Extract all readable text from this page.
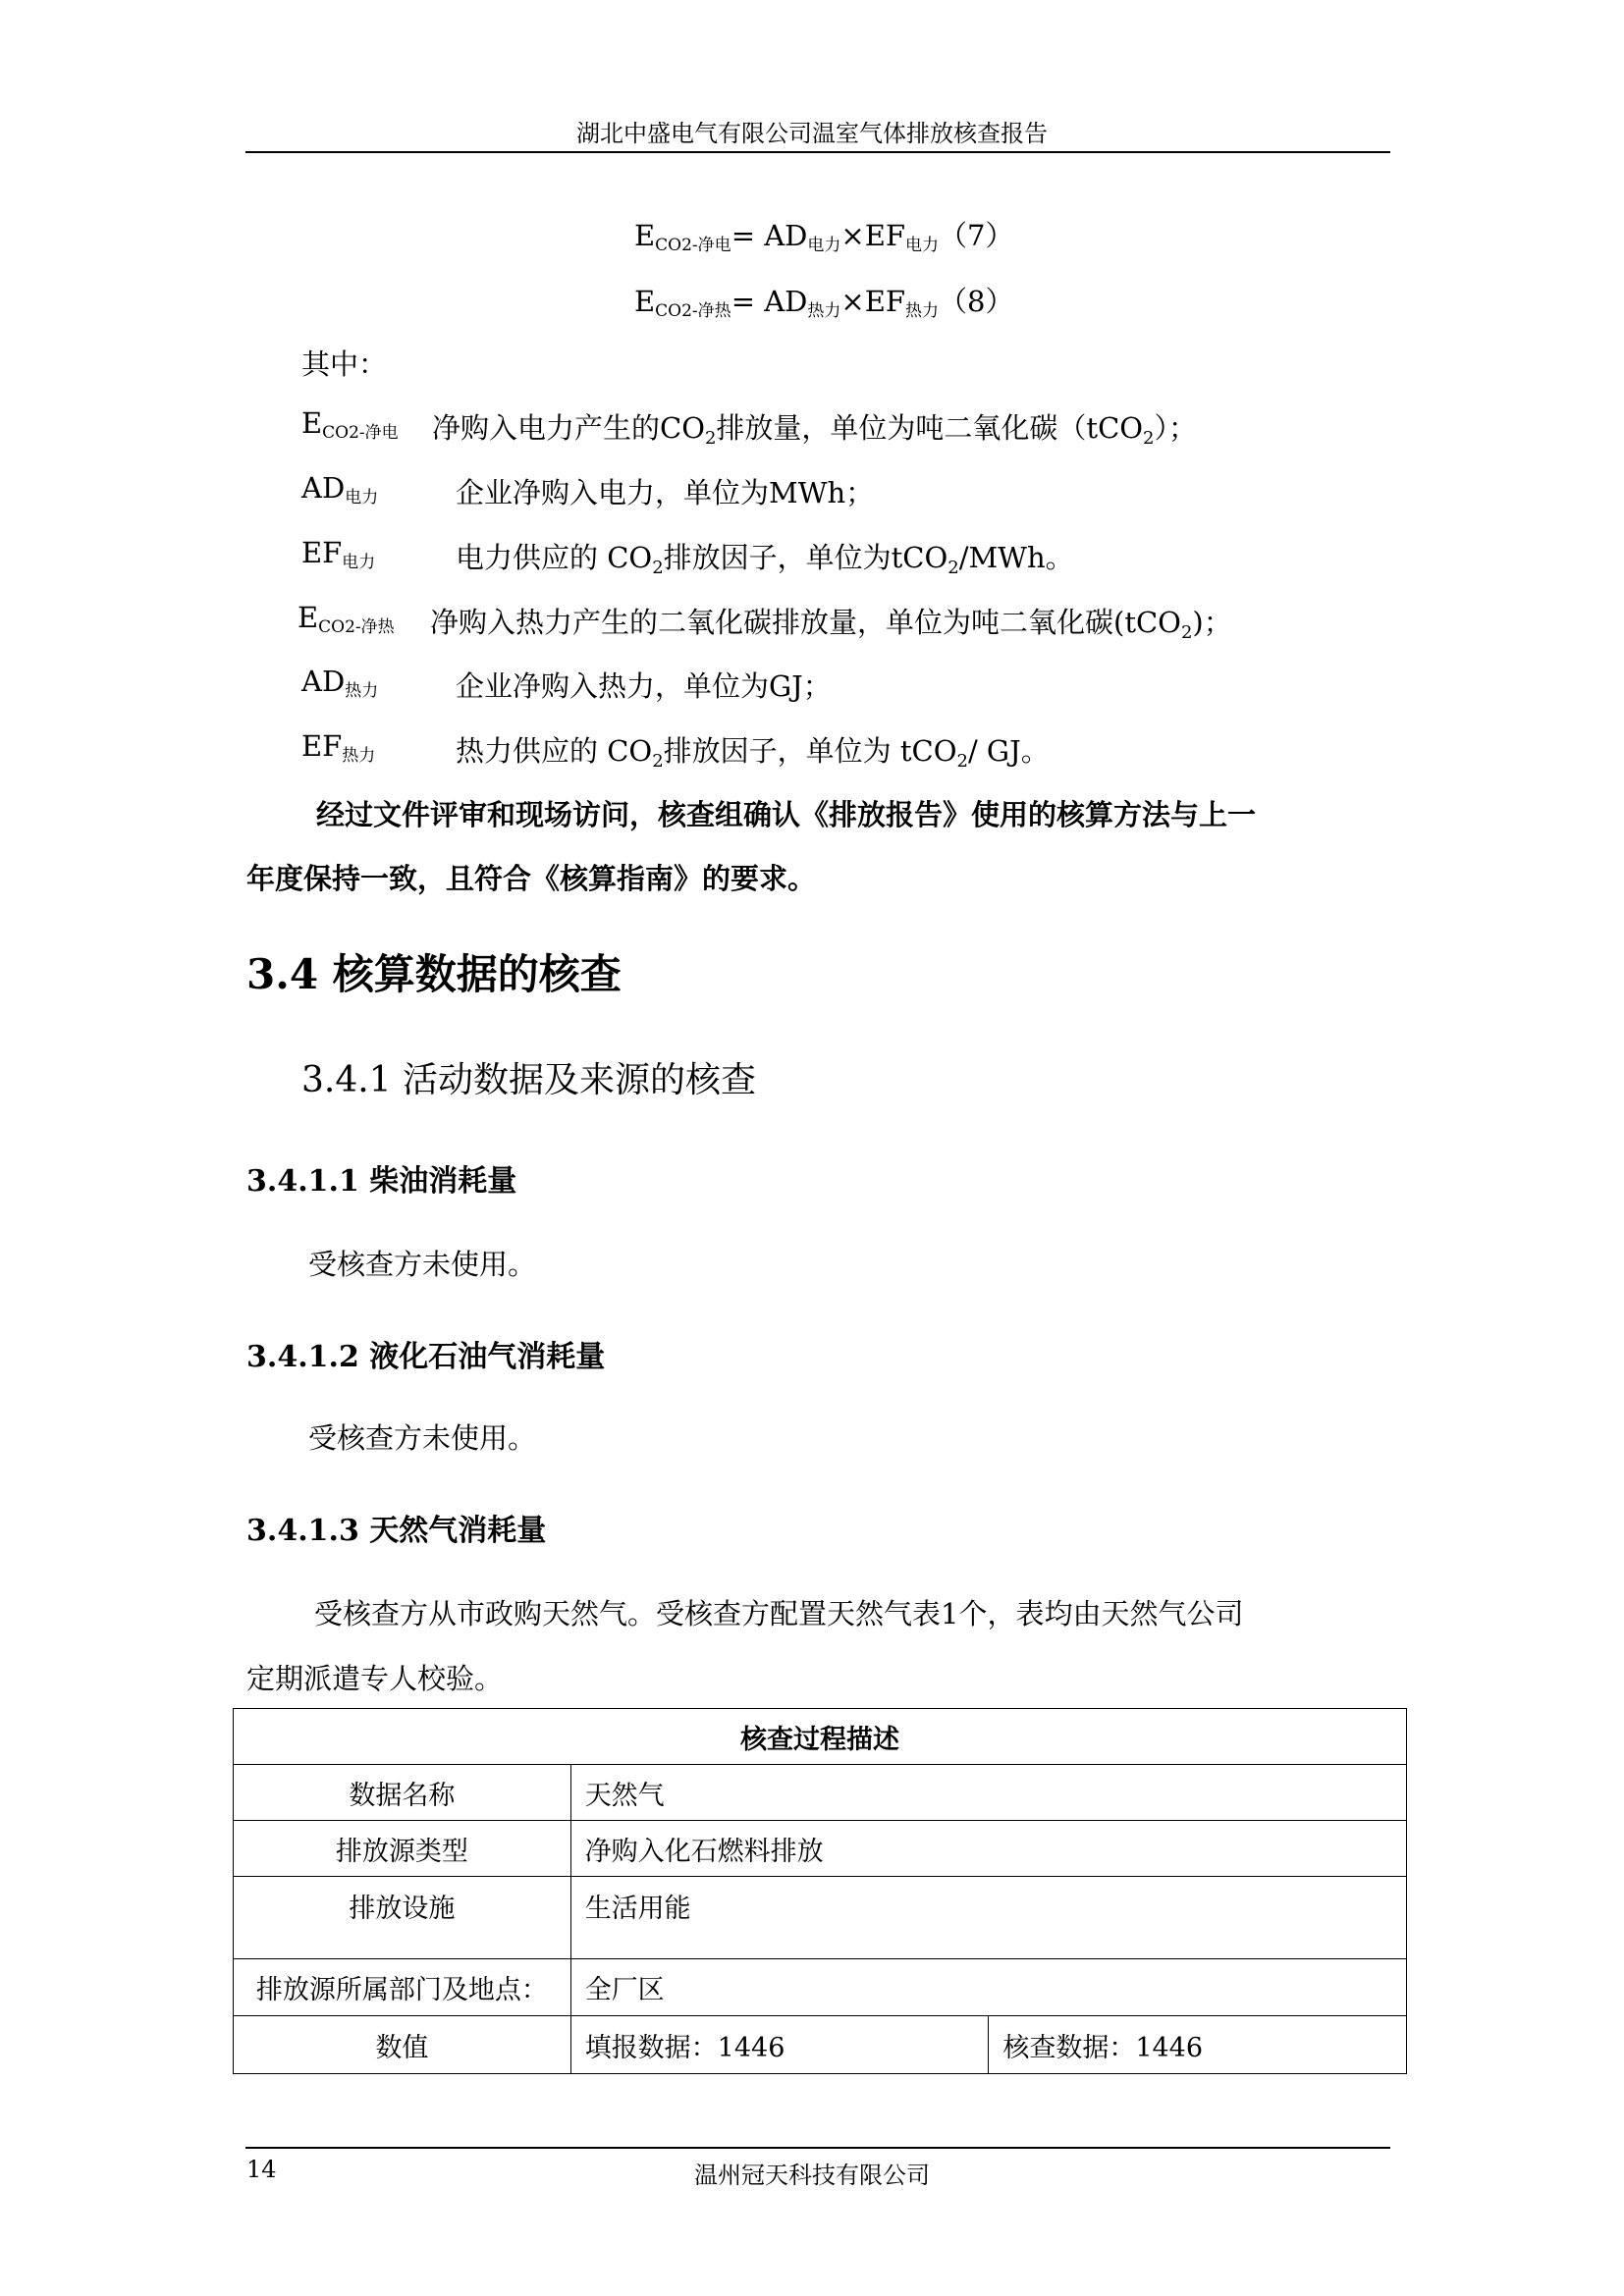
湖北中盛电气有限公司温室气体排放核查报告
ECO2-净电= AD电力×EF电力（7）
ECO2-净热= AD热力×EF热力（8）
其中：
ECO2-净电 净购入电力产生的$CO_2$排放量，单位为吨二氧化碳（tCO$_2$）；
AD电力	企业净购入电力，单位为MWh；
EF电力	电力供应的 $CO_2$排放因子，单位为tCO$_2$/MWh。
ECO2-净热 净购入热力产生的二氧化碳排放量，单位为吨二氧化碳(tCO$_2$)；
AD热力	企业净购入热力，单位为GJ；
EF热力	热力供应的 $CO_2$排放因子，单位为 tCO$_2$/ GJ。
经过文件评审和现场访问，核查组确认《排放报告》使用的核算方法与上一
年度保持一致，且符合《核算指南》的要求。
3.4 核算数据的核查
3.4.1 活动数据及来源的核查
3.4.1.1 柴油消耗量
受核查方未使用。
3.4.1.2 液化石油气消耗量
受核查方未使用。
3.4.1.3 天然气消耗量
受核查方从市政购天然气。受核查方配置天然气表1个，表均由天然气公司
定期派遣专人校验。
核查过程描述		
数据名称	天然气	
排放源类型	净购入化石燃料排放	
排放设施	生活用能	
排放源所属部门及地点：	全厂区	
数值	填报数据：1446	核查数据：1446
14	温州冠天科技有限公司
